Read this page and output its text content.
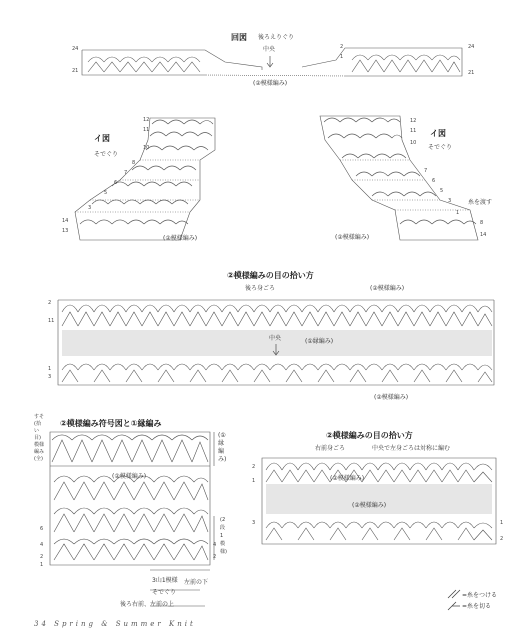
回図 後ろえりぐり
中央
(②模様編み)
24
21
24
21
2
1
イ図
そでぐり
(②模様編み)
12
11
10
8
7
6
5
3
14
13
イ図
そでぐり
(②模様編み)
糸を渡す
12
11
10
7
6
5
3
1
8
14
②模様編みの目の拾い方
後ろ身ごろ	(②模様編み)
中央	(①縁編み)
(②模様編み)
2
11
1
3
②模様編み符号図と①縁編み
すそ(拾い目)模様編み(全)
(①縁編み)
(②模様編み)
(2段1模様)
3山1模様
そでぐり
左前の下
後ろ右前、左前の上
6
4
2
1
4
2
②模様編みの目の拾い方
右前身ごろ	中央で左身ごろは対称に編む
(②模様編み)
(②模様編み)
2
1
3	1
2
=糸をつける
=糸を切る
34 Spring & Summer Knit
